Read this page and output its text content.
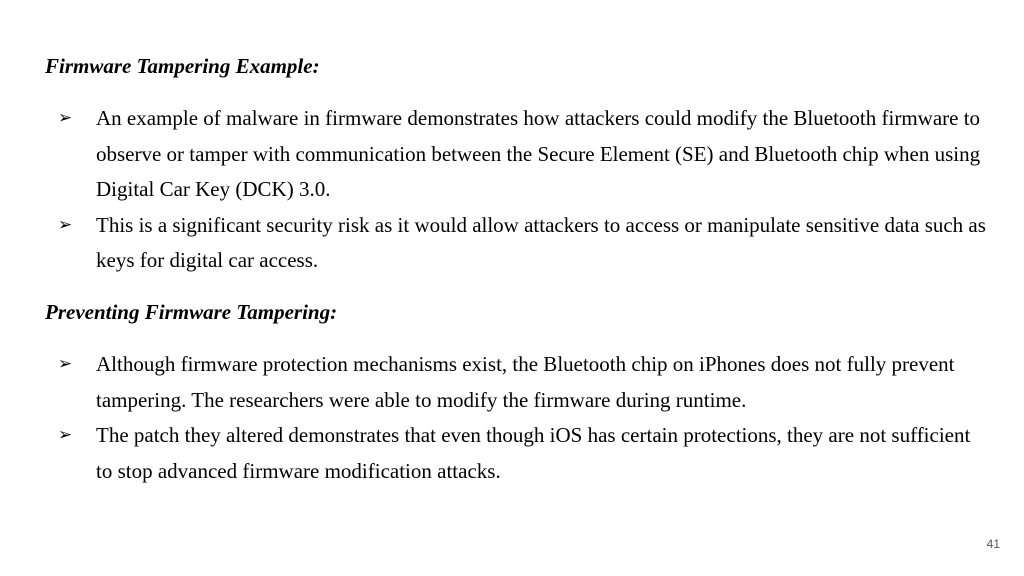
Firmware Tampering Example:
➢ An example of malware in firmware demonstrates how attackers could modify the Bluetooth firmware to observe or tamper with communication between the Secure Element (SE) and Bluetooth chip when using Digital Car Key (DCK) 3.0.
➢ This is a significant security risk as it would allow attackers to access or manipulate sensitive data such as keys for digital car access.
Preventing Firmware Tampering:
➢ Although firmware protection mechanisms exist, the Bluetooth chip on iPhones does not fully prevent tampering. The researchers were able to modify the firmware during runtime.
➢ The patch they altered demonstrates that even though iOS has certain protections, they are not sufficient to stop advanced firmware modification attacks.
41
